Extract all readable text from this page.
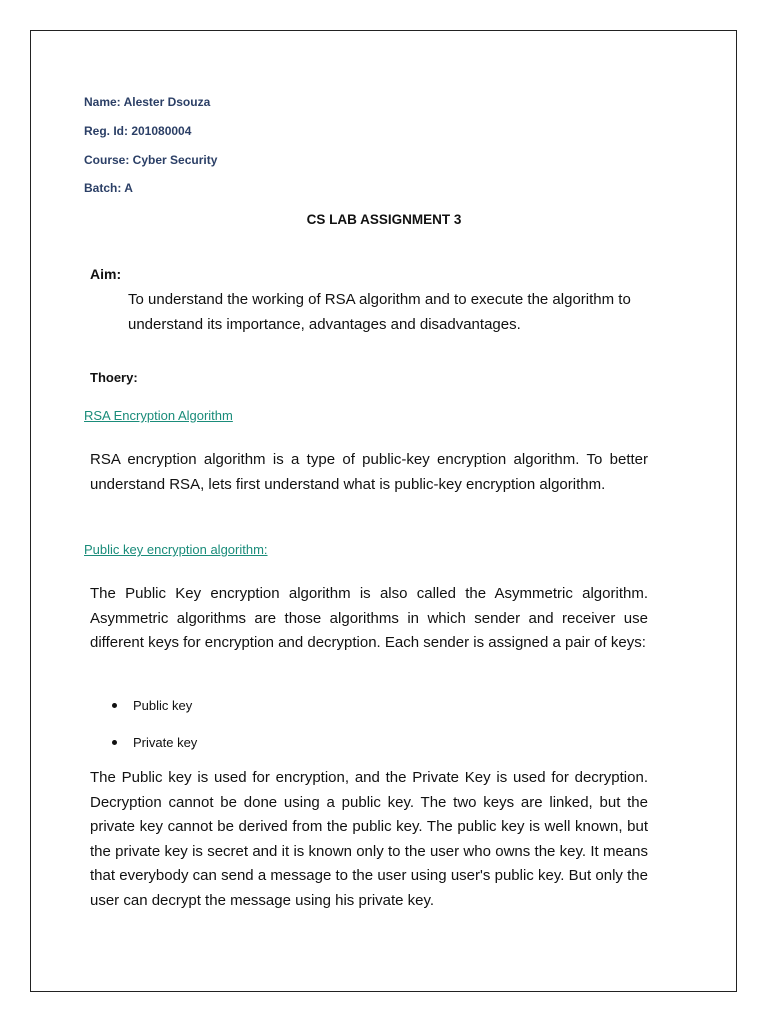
Name: Alester Dsouza
Reg. Id: 201080004
Course: Cyber Security
Batch: A
CS LAB ASSIGNMENT 3
Aim:
To understand the working of RSA algorithm and to execute the algorithm to understand its importance, advantages and disadvantages.
Thoery:
RSA Encryption Algorithm
RSA encryption algorithm is a type of public-key encryption algorithm. To better understand RSA, lets first understand what is public-key encryption algorithm.
Public key encryption algorithm:
The Public Key encryption algorithm is also called the Asymmetric algorithm. Asymmetric algorithms are those algorithms in which sender and receiver use different keys for encryption and decryption. Each sender is assigned a pair of keys:
Public key
Private key
The Public key is used for encryption, and the Private Key is used for decryption. Decryption cannot be done using a public key. The two keys are linked, but the private key cannot be derived from the public key. The public key is well known, but the private key is secret and it is known only to the user who owns the key. It means that everybody can send a message to the user using user's public key. But only the user can decrypt the message using his private key.
